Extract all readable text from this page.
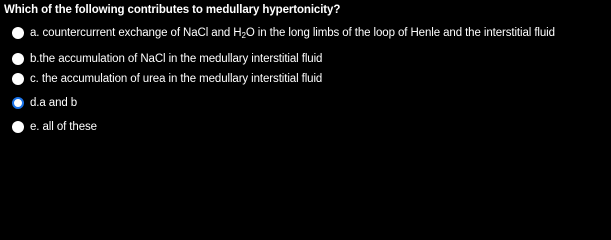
Which of the following contributes to medullary hypertonicity?
a. countercurrent exchange of NaCl and $H_2O$ in the long limbs of the loop of Henle and the interstitial fluid
b.the accumulation of NaCl in the medullary interstitial fluid
c. the accumulation of urea in the medullary interstitial fluid
d.a and b
e. all of these
